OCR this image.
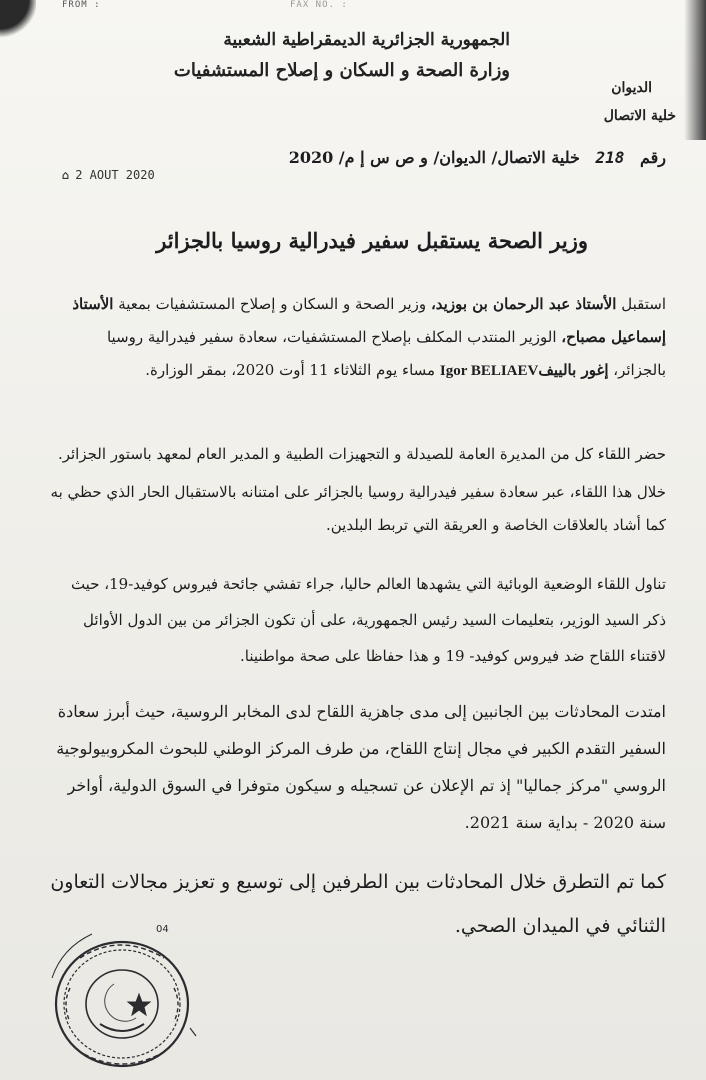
FROM :	FAX NO. :
الجمهورية الجزائرية الديمقراطية الشعبية
وزارة الصحة و السكان و إصلاح المستشفيات
الديوان
خلية الاتصال
رقم 218 خلية الاتصال/ الديوان/ و ص س إ م/ 2020
⌂ 2 AOUT 2020
وزير الصحة يستقبل سفير فيدرالية روسيا بالجزائر
استقبل الأستاذ عبد الرحمان بن بوزيد، وزير الصحة و السكان و إصلاح المستشفيات بمعية الأستاذ إسماعيل مصباح، الوزير المنتدب المكلف بإصلاح المستشفيات، سعادة سفير فيدرالية روسيا بالجزائر، إغور بالييفIgor BELIAEV مساء يوم الثلاثاء 11 أوت 2020، بمقر الوزارة.
حضر اللقاء كل من المديرة العامة للصيدلة و التجهيزات الطبية و المدير العام لمعهد باستور الجزائر.
خلال هذا اللقاء، عبر سعادة سفير فيدرالية روسيا بالجزائر على امتنانه بالاستقبال الحار الذي حظي به كما أشاد بالعلاقات الخاصة و العريقة التي تربط البلدين.
تناول اللقاء الوضعية الوبائية التي يشهدها العالم حاليا، جراء تفشي جائحة فيروس كوفيد-19، حيث ذكر السيد الوزير، بتعليمات السيد رئيس الجمهورية، على أن تكون الجزائر من بين الدول الأوائل لاقتناء اللقاح ضد فيروس كوفيد- 19 و هذا حفاظا على صحة مواطنينا.
امتدت المحادثات بين الجانبين إلى مدى جاهزية اللقاح لدى المخابر الروسية، حيث أبرز سعادة السفير التقدم الكبير في مجال إنتاج اللقاح، من طرف المركز الوطني للبحوث المكروبيولوجية الروسي "مركز جماليا" إذ تم الإعلان عن تسجيله و سيكون متوفرا في السوق الدولية، أواخر سنة 2020 - بداية سنة 2021.
كما تم التطرق خلال المحادثات بين الطرفين إلى توسيع و تعزيز مجالات التعاون الثنائي في الميدان الصحي.
04
